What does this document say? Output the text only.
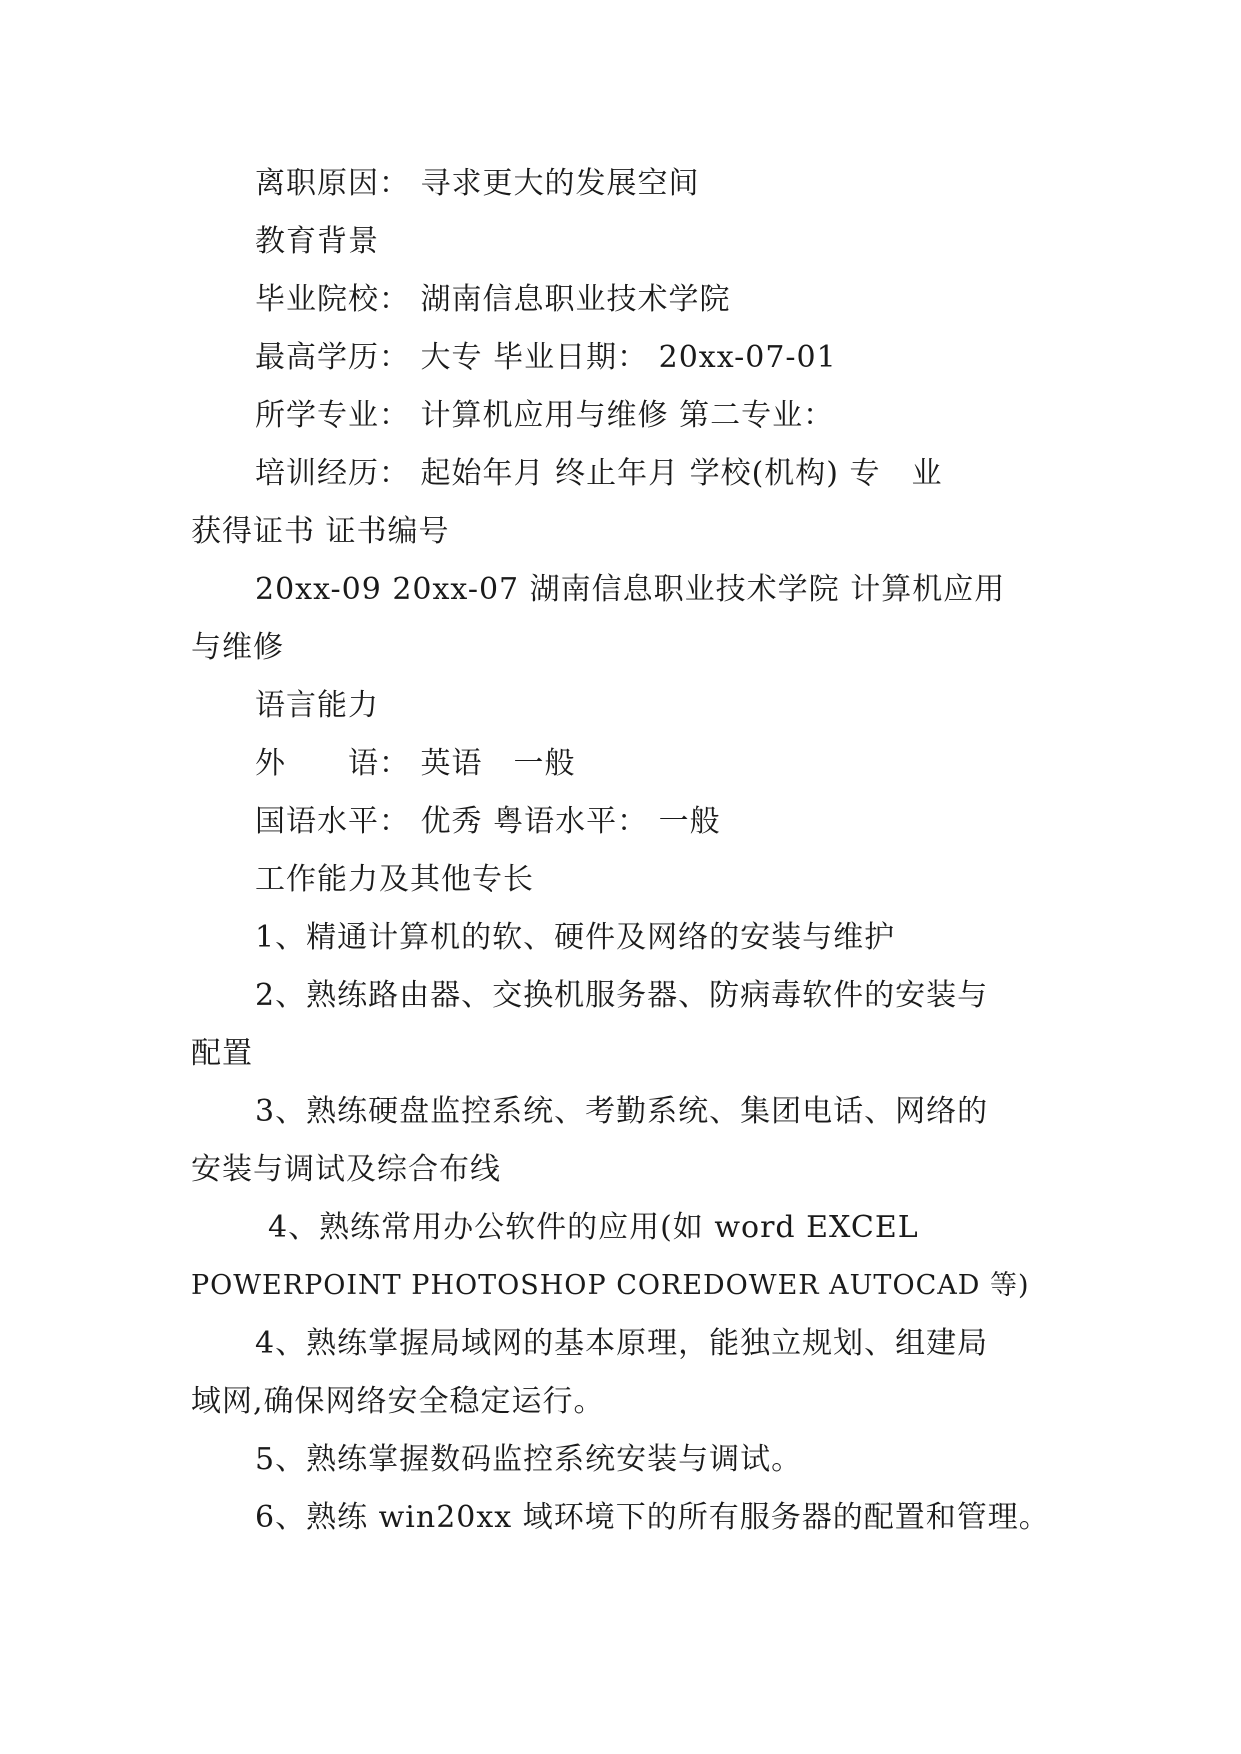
离职原因： 寻求更大的发展空间
教育背景
毕业院校： 湖南信息职业技术学院
最高学历： 大专 毕业日期： 20xx-07-01
所学专业： 计算机应用与维修 第二专业：
培训经历： 起始年月 终止年月 学校(机构) 专　业
获得证书 证书编号
20xx-09 20xx-07 湖南信息职业技术学院 计算机应用
与维修
语言能力
外　　语： 英语　一般
国语水平： 优秀 粤语水平： 一般
工作能力及其他专长
1、精通计算机的软、硬件及网络的安装与维护
2、熟练路由器、交换机服务器、防病毒软件的安装与
配置
3、熟练硬盘监控系统、考勤系统、集团电话、网络的
安装与调试及综合布线
4、熟练常用办公软件的应用(如 word EXCEL
POWERPOINT PHOTOSHOP COREDOWER AUTOCAD 等)
4、熟练掌握局域网的基本原理，能独立规划、组建局
域网,确保网络安全稳定运行。
5、熟练掌握数码监控系统安装与调试。
6、熟练 win20xx 域环境下的所有服务器的配置和管理。
